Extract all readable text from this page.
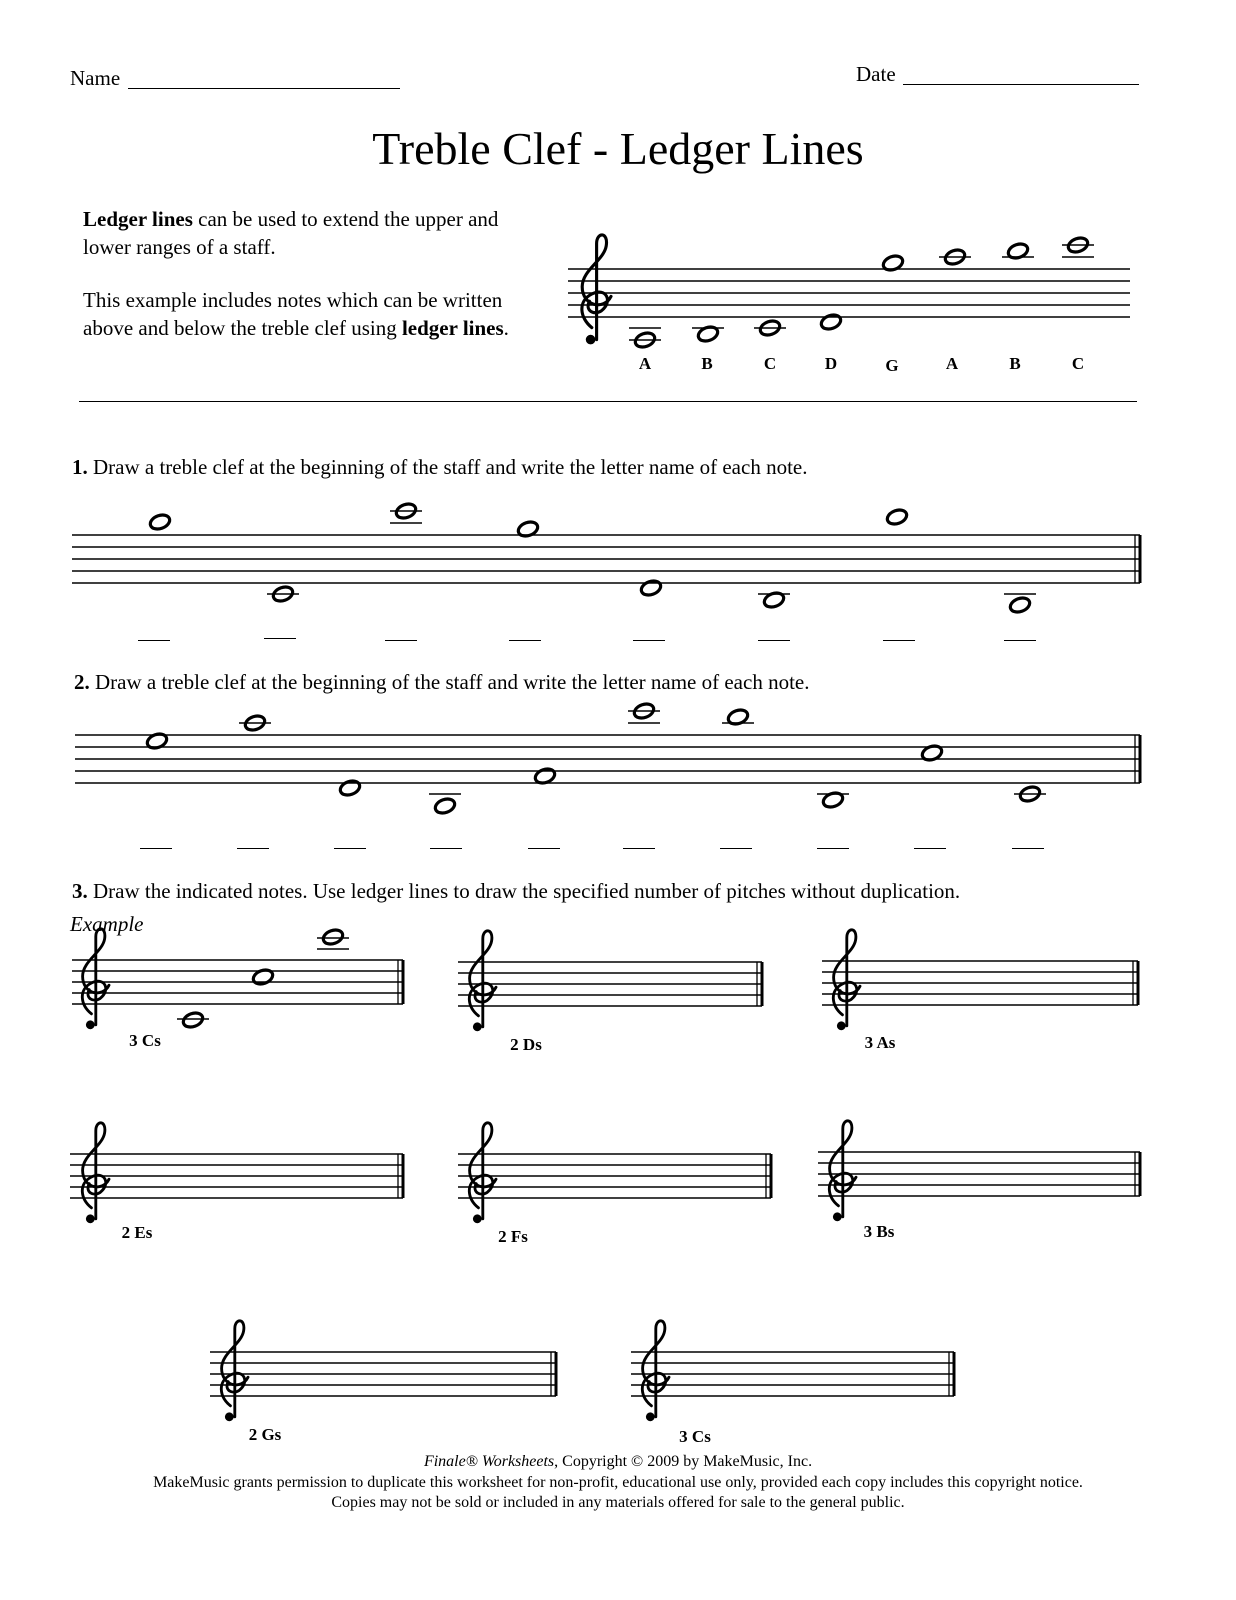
Name	Date
Treble Clef - Ledger Lines
Ledger lines can be used to extend the upper and lower ranges of a staff.
This example includes notes which can be written above and below the treble clef using ledger lines.
A	B	C	D	G	A	B	C
1. Draw a treble clef at the beginning of the staff and write the letter name of each note.
2. Draw a treble clef at the beginning of the staff and write the letter name of each note.
3. Draw the indicated notes. Use ledger lines to draw the specified number of pitches without duplication.
Example
3 Cs	2 Ds	3 As
2 Es	2 Fs	3 Bs
2 Gs	3 Cs
Finale® Worksheets, Copyright © 2009 by MakeMusic, Inc.
MakeMusic grants permission to duplicate this worksheet for non-profit, educational use only, provided each copy includes this copyright notice.
Copies may not be sold or included in any materials offered for sale to the general public.
